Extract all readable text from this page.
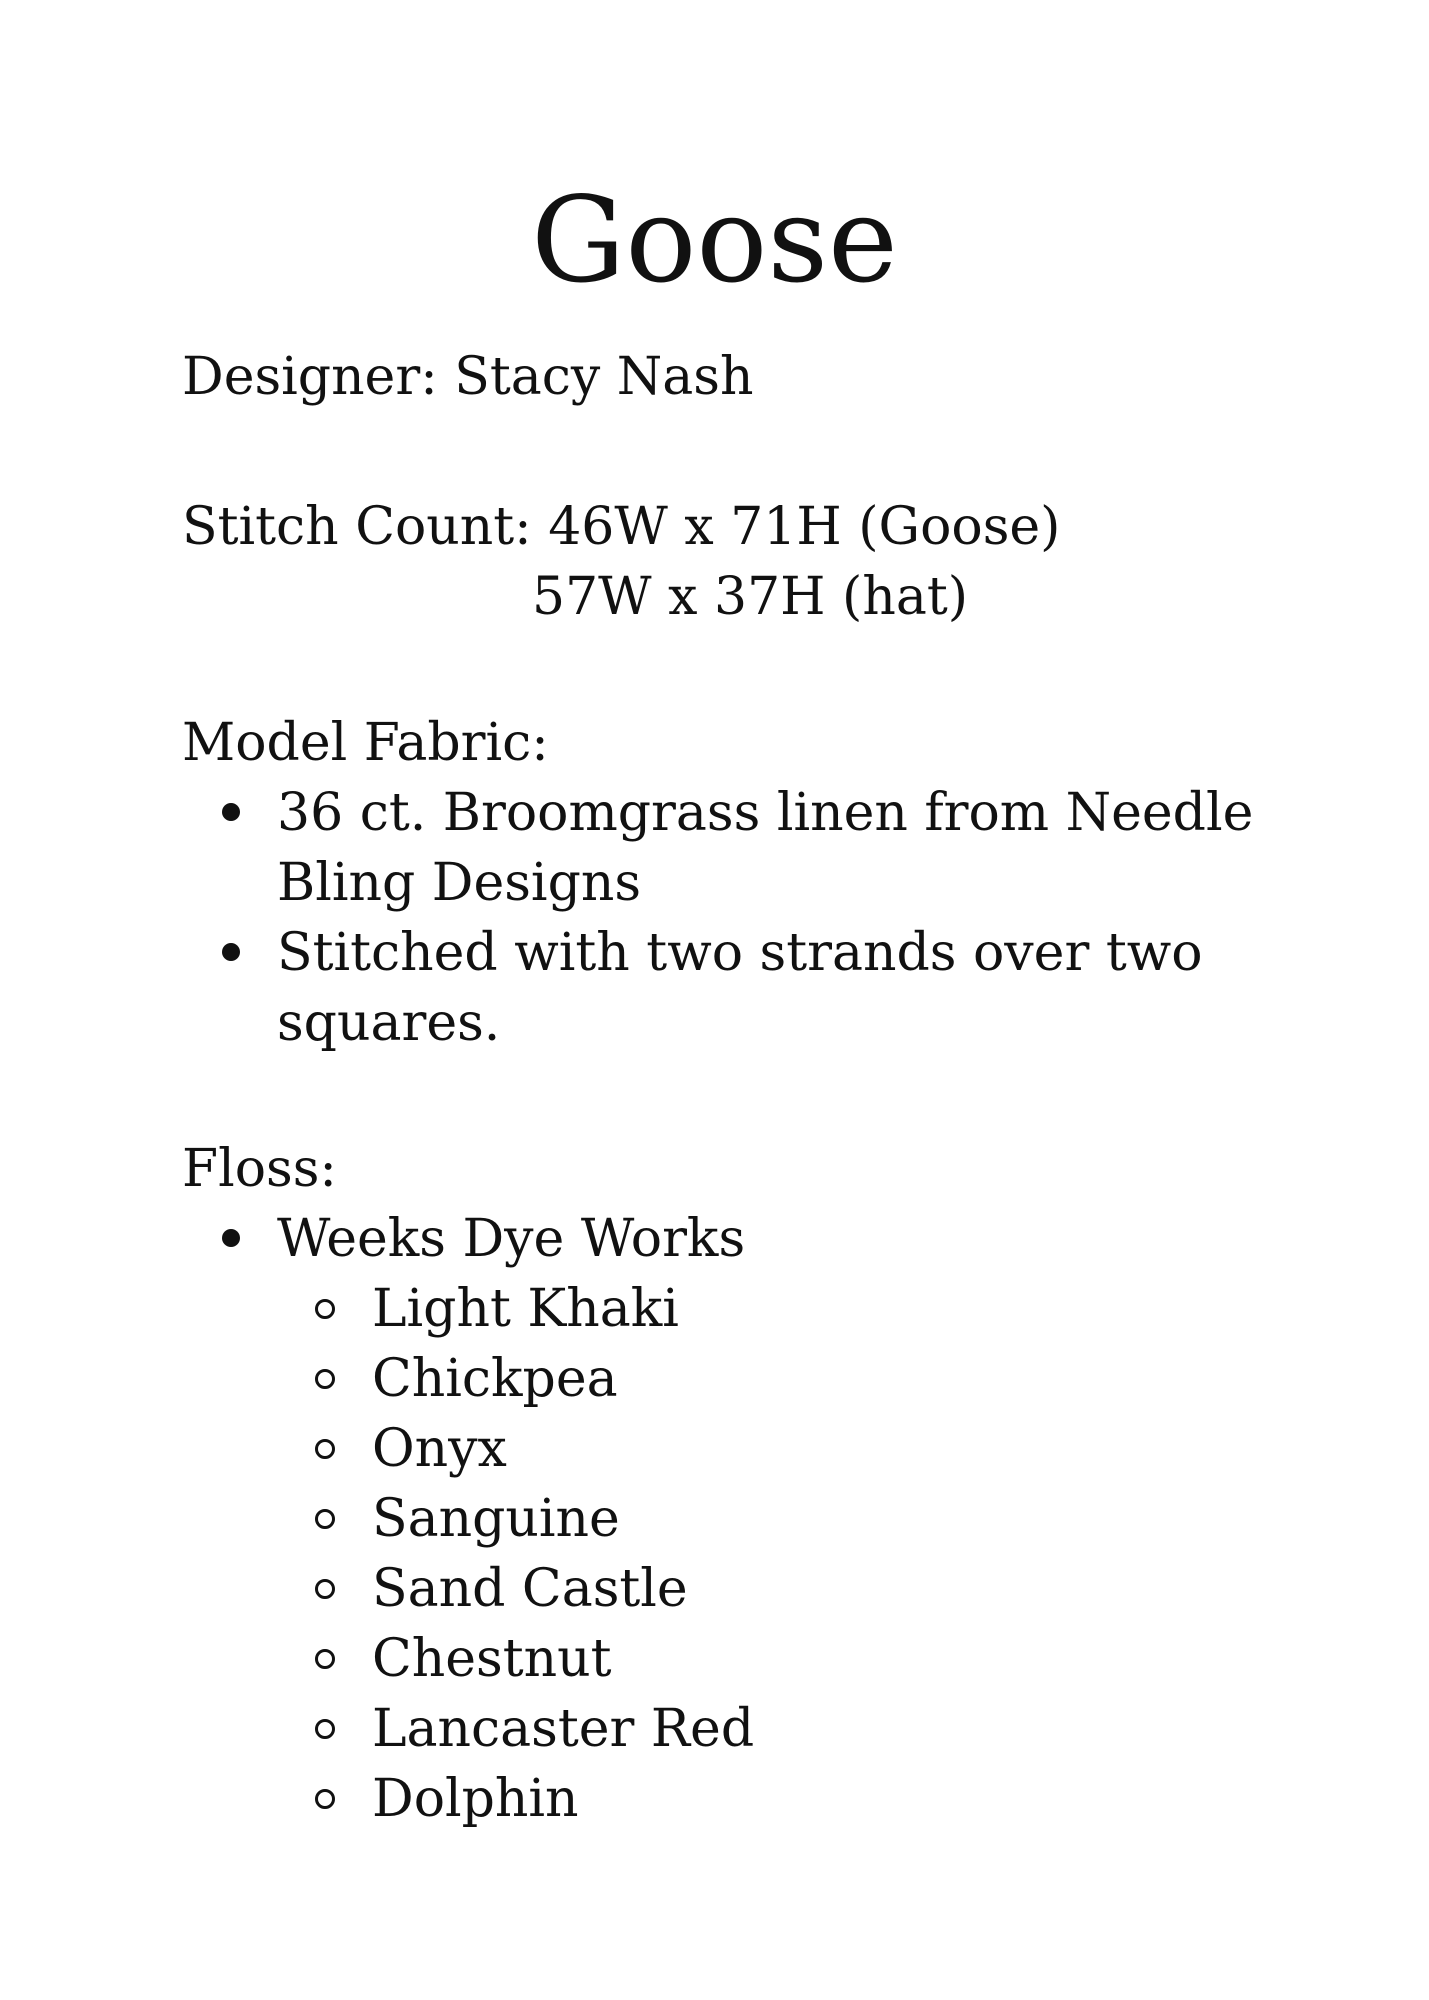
Goose

Designer: Stacy Nash

Stitch Count: 46W x 71H (Goose)

57W x 37H (hat)

Model Fabric:

36 ct. Broomgrass linen from Needle Bling Designs
Stitched with two strands over two squares.

Floss:

Weeks Dye Works
Light Khaki
Chickpea
Onyx
Sanguine
Sand Castle
Chestnut
Lancaster Red
Dolphin
